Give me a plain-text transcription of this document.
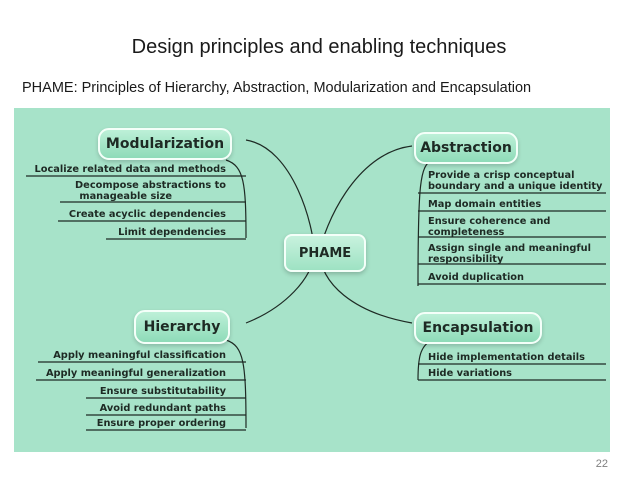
Design principles and enabling techniques
PHAME: Principles of Hierarchy, Abstraction, Modularization and Encapsulation
Modularization
Localize related data and methods
Decompose abstractions to
manageable size
Create acyclic dependencies
Limit dependencies
Abstraction
Provide a crisp conceptual
boundary and a unique identity
Map domain entities
Ensure coherence and
completeness
Assign single and meaningful
responsibility
Avoid duplication
PHAME
Hierarchy
Apply meaningful classification
Apply meaningful generalization
Ensure substitutability
Avoid redundant paths
Ensure proper ordering
Encapsulation
Hide implementation details
Hide variations
22
